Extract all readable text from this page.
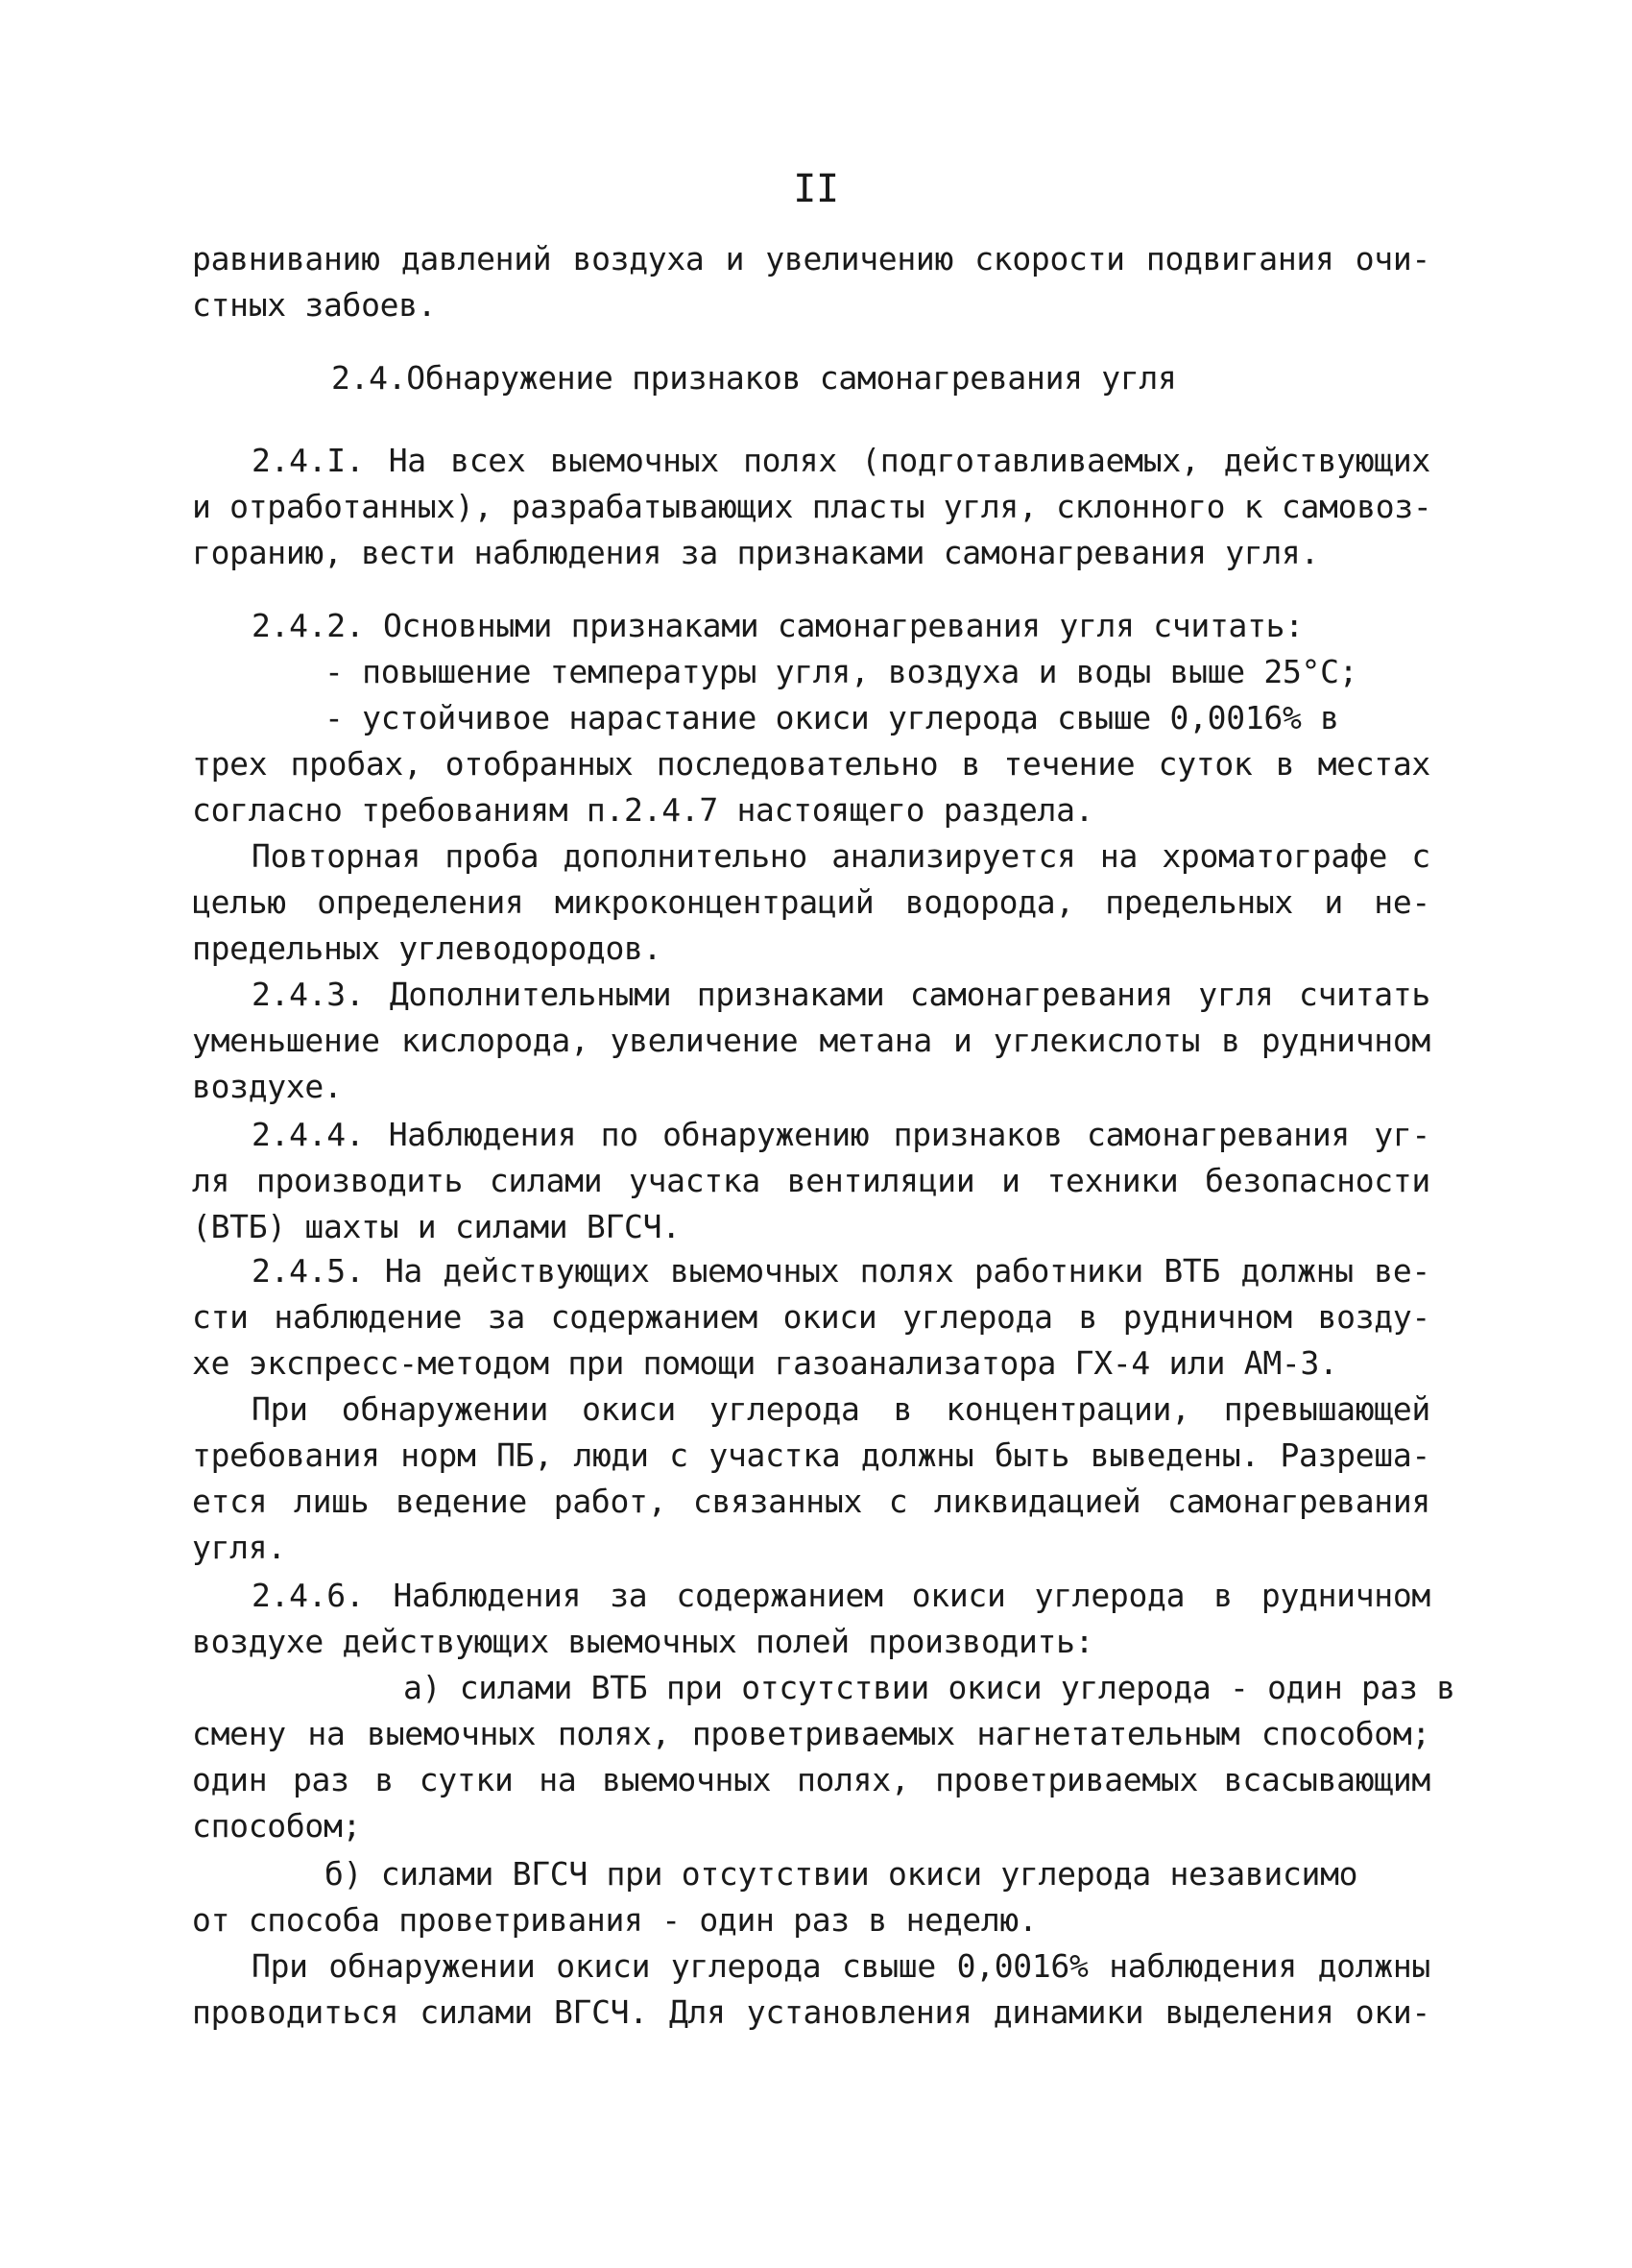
II
равниванию давлений воздуха и увеличению скорости подвигания очи-
стных забоев.
2.4.Обнаружение признаков самонагревания угля
2.4.I. На всех выемочных полях (подготавливаемых, действующих
и отработанных), разрабатывающих пласты угля, склонного к самовоз-
горанию, вести наблюдения за признаками самонагревания угля.
2.4.2. Основными признаками самонагревания угля считать:
- повышение температуры угля, воздуха и воды выше 25°С;
- устойчивое нарастание окиси углерода свыше 0,0016% в
трех пробах, отобранных последовательно в течение суток в местах
согласно требованиям п.2.4.7 настоящего раздела.
Повторная проба дополнительно анализируется на хроматографе с
целью определения микроконцентраций водорода, предельных и не-
предельных углеводородов.
2.4.3. Дополнительными признаками самонагревания угля считать
уменьшение кислорода, увеличение метана и углекислоты в рудничном
воздухе.
2.4.4. Наблюдения по обнаружению признаков самонагревания уг-
ля производить силами участка вентиляции и техники безопасности
(ВТБ) шахты и силами ВГСЧ.
2.4.5. На действующих выемочных полях работники ВТБ должны ве-
сти наблюдение за содержанием окиси углерода в рудничном возду-
хе экспресс-методом при помощи газоанализатора ГХ-4 или АМ-3.
При обнаружении окиси углерода в концентрации, превышающей
требования норм ПБ, люди с участка должны быть выведены. Разреша-
ется лишь ведение работ, связанных с ликвидацией самонагревания
угля.
2.4.6. Наблюдения за содержанием окиси углерода в рудничном
воздухе действующих выемочных полей производить:
а) силами ВТБ при отсутствии окиси углерода - один раз в
смену на выемочных полях, проветриваемых нагнетательным способом;
один раз в сутки на выемочных полях, проветриваемых всасывающим
способом;
б) силами ВГСЧ при отсутствии окиси углерода независимо
от способа проветривания - один раз в неделю.
При обнаружении окиси углерода свыше 0,0016% наблюдения должны
проводиться силами ВГСЧ. Для установления динамики выделения оки-
